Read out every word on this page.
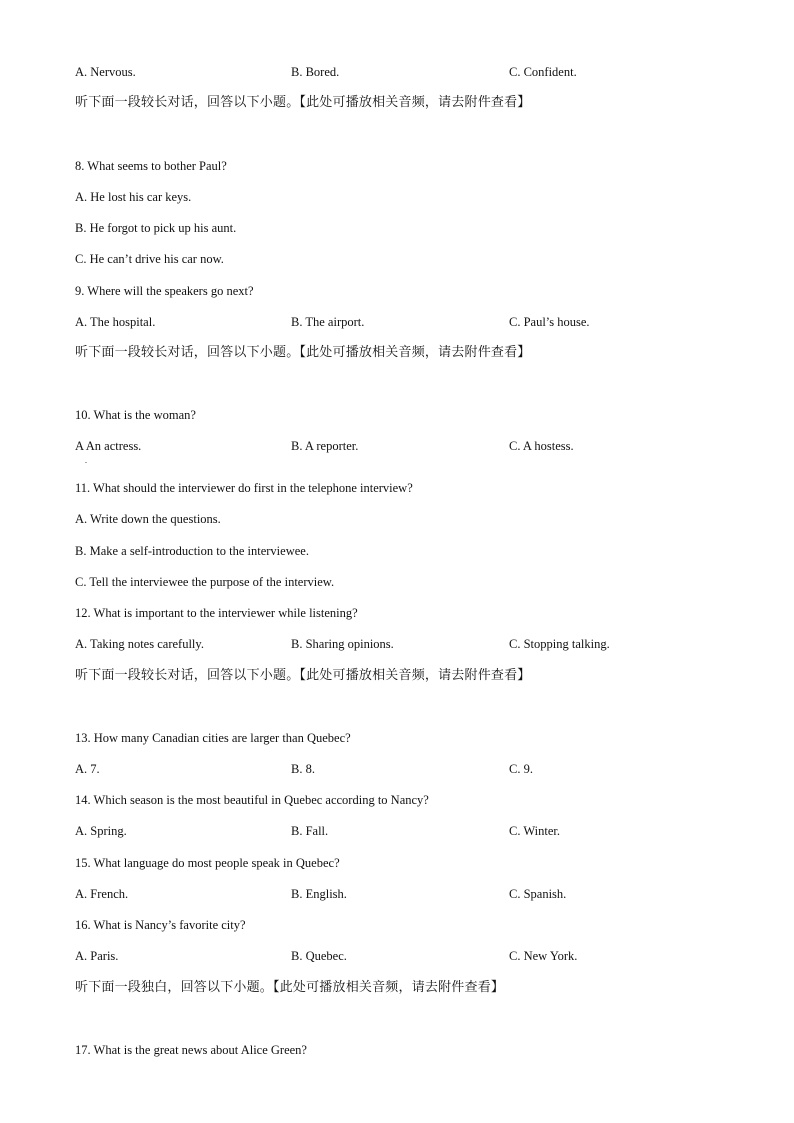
A. Nervous.	B. Bored.	C. Confident.
听下面一段较长对话，回答以下小题。【此处可播放相关音频，请去附件查看】

8. What seems to bother Paul?

A. He lost his car keys.

B. He forgot to pick up his aunt.

C. He can’t drive his car now.

9. Where will the speakers go next?

A. The hospital.	B. The airport.	C. Paul’s house.
听下面一段较长对话，回答以下小题。【此处可播放相关音频，请去附件查看】

10. What is the woman?

A An actress.
.
B. A reporter.	C. A hostess.

11. What should the interviewer do first in the telephone interview?

A. Write down the questions.

B. Make a self-introduction to the interviewee.

C. Tell the interviewee the purpose of the interview.

12. What is important to the interviewer while listening?

A. Taking notes carefully.	B. Sharing opinions.	C. Stopping talking.
听下面一段较长对话，回答以下小题。【此处可播放相关音频，请去附件查看】

13. How many Canadian cities are larger than Quebec?

A. 7.	B. 8.	C. 9.

14. Which season is the most beautiful in Quebec according to Nancy?

A. Spring.	B. Fall.	C. Winter.

15. What language do most people speak in Quebec?

A. French.	B. English.	C. Spanish.

16. What is Nancy’s favorite city?

A. Paris.	B. Quebec.	C. New York.
听下面一段独白，回答以下小题。【此处可播放相关音频，请去附件查看】

17. What is the great news about Alice Green?
